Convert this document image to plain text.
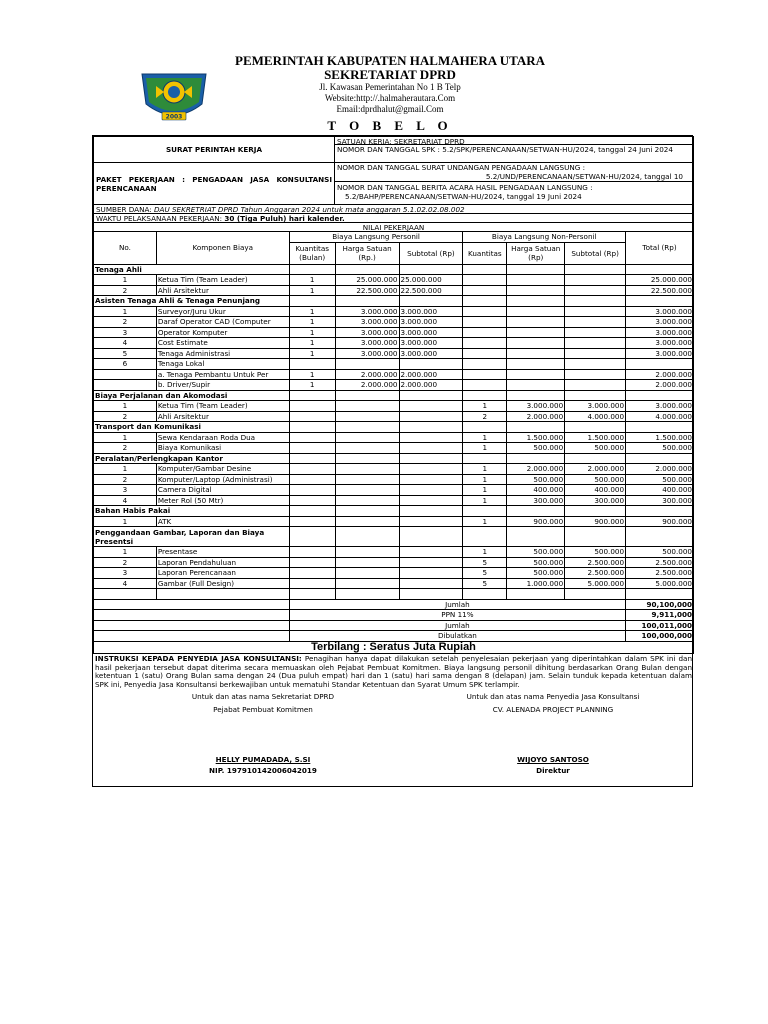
2003
PEMERINTAH KABUPATEN HALMAHERA UTARA
SEKRETARIAT DPRD
Jl. Kawasan Pemerintahan No 1 B Telp
Website:http://.halmaherautara.Com
Email:dprdhalut@gmail.Com
T O B E L O
SURAT PERINTAH KERJA
SATUAN KERJA: SEKRETARIAT DPRD
NOMOR DAN TANGGAL SPK : 5.2/SPK/PERENCANAAN/SETWAN-HU/2024, tanggal 24 Juni 2024
PAKET PEKERJAAN : PENGADAAN JASA KONSULTANSI PERENCANAAN
NOMOR DAN TANGGAL SURAT UNDANGAN PENGADAAN LANGSUNG :
5.2/UND/PERENCANAAN/SETWAN-HU/2024, tanggal 10
NOMOR DAN TANGGAL BERITA ACARA HASIL PENGADAAN LANGSUNG :
5.2/BAHP/PERENCANAAN/SETWAN-HU/2024, tanggal 19 Juni 2024
SUMBER DANA: DAU SEKRETRIAT DPRD Tahun Anggaran 2024 untuk mata anggaran 5.1.02.02.08.002
WAKTU PELAKSANAAN PEKERJAAN: 30 (Tiga Puluh) hari kalender.
NILAI PEKERJAAN
No.	Komponen Biaya	Biaya Langsung Personil			Biaya Langsung Non-Personil			Total (Rp)
		Kuantitas (Bulan)	Harga Satuan (Rp.)	Subtotal (Rp)	Kuantitas	Harga Satuan (Rp)	Subtotal (Rp)	
Tenaga Ahli								
1	Ketua Tim (Team Leader)	1	25.000.000	25.000.000				25.000.000
2	Ahli Arsitektur	1	22.500.000	22.500.000				22.500.000
Asisten Tenaga Ahli & Tenaga Penunjang								
1	Surveyor/Juru Ukur	1	3.000.000	3.000.000				3.000.000
2	Daraf Operator CAD (Computer	1	3.000.000	3.000.000				3.000.000
3	Operator Komputer	1	3.000.000	3.000.000				3.000.000
4	Cost Estimate	1	3.000.000	3.000.000				3.000.000
5	Tenaga Administrasi	1	3.000.000	3.000.000				3.000.000
6	Tenaga Lokal							
	a. Tenaga Pembantu Untuk Per	1	2.000.000	2.000.000				2.000.000
	b. Driver/Supir	1	2.000.000	2.000.000				2.000.000
Biaya Perjalanan dan Akomodasi								
1	Ketua Tim (Team Leader)				1	3.000.000	3.000.000	3.000.000
2	Ahli Arsitektur				2	2.000.000	4.000.000	4.000.000
Transport dan Komunikasi								
1	Sewa Kendaraan Roda Dua				1	1.500.000	1.500.000	1.500.000
2	Biaya Komunikasi				1	500.000	500.000	500.000
Peralatan/Perlengkapan Kantor								
1	Komputer/Gambar Desine				1	2.000.000	2.000.000	2.000.000
2	Komputer/Laptop (Administrasi)				1	500.000	500.000	500.000
3	Camera Digital				1	400.000	400.000	400.000
4	Meter Rol (50 Mtr)				1	300.000	300.000	300.000
Bahan Habis Pakai								
1	ATK				1	900.000	900.000	900.000
Penggandaan Gambar, Laporan dan Biaya Presentsi								
1	Presentase				1	500.000	500.000	500.000
2	Laporan Pendahuluan				5	500.000	2.500.000	2.500.000
3	Laporan Perencanaan				5	500.000	2.500.000	2.500.000
4	Gambar (Full Design)				5	1.000.000	5.000.000	5.000.000

		Jumlah						90,100,000
		PPN 11%						9,911,000
		Jumlah						100,011,000
		Dibulatkan						100,000,000
Terbilang : Seratus Juta Rupiah
INSTRUKSI KEPADA PENYEDIA JASA KONSULTANSI: Penagihan hanya dapat dilakukan setelah penyelesaian pekerjaan yang diperintahkan dalam SPK ini dan hasil pekerjaan tersebut dapat diterima secara memuaskan oleh Pejabat Pembuat Komitmen. Biaya langsung personil dihitung berdasarkan Orang Bulan dengan ketentuan 1 (satu) Orang Bulan sama dengan 24 (Dua puluh empat) hari dan 1 (satu) hari sama dengan 8 (delapan) jam. Selain tunduk kepada ketentuan dalam SPK ini, Penyedia Jasa Konsultansi berkewajiban untuk mematuhi Standar Ketentuan dan Syarat Umum SPK terlampir.
Untuk dan atas nama Sekretariat DPRD
Pejabat Pembuat Komitmen
HELLY PUMADADA, S.SI
NIP. 197910142006042019
Untuk dan atas nama Penyedia Jasa Konsultansi
CV. ALENADA PROJECT PLANNING
WIJOYO SANTOSO
Direktur
